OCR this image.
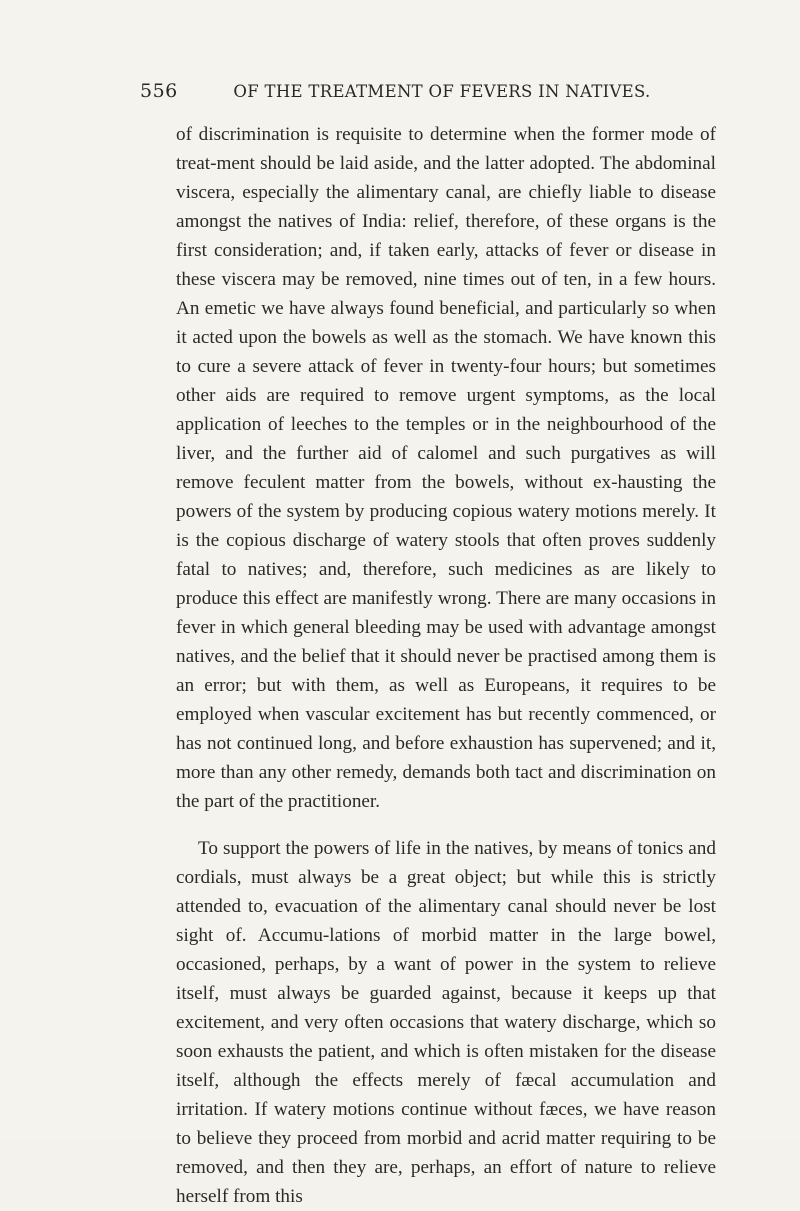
556	OF THE TREATMENT OF FEVERS IN NATIVES.

of discrimination is requisite to determine when the former mode of treat-ment should be laid aside, and the latter adopted. The abdominal viscera, especially the alimentary canal, are chiefly liable to disease amongst the natives of India: relief, therefore, of these organs is the first consideration; and, if taken early, attacks of fever or disease in these viscera may be removed, nine times out of ten, in a few hours. An emetic we have always found beneficial, and particularly so when it acted upon the bowels as well as the stomach. We have known this to cure a severe attack of fever in twenty-four hours; but sometimes other aids are required to remove urgent symptoms, as the local application of leeches to the temples or in the neighbourhood of the liver, and the further aid of calomel and such purgatives as will remove feculent matter from the bowels, without ex-hausting the powers of the system by producing copious watery motions merely. It is the copious discharge of watery stools that often proves suddenly fatal to natives; and, therefore, such medicines as are likely to produce this effect are manifestly wrong. There are many occasions in fever in which general bleeding may be used with advantage amongst natives, and the belief that it should never be practised among them is an error; but with them, as well as Europeans, it requires to be employed when vascular excitement has but recently commenced, or has not continued long, and before exhaustion has supervened; and it, more than any other remedy, demands both tact and discrimination on the part of the practitioner.

To support the powers of life in the natives, by means of tonics and cordials, must always be a great object; but while this is strictly attended to, evacuation of the alimentary canal should never be lost sight of. Accumu-lations of morbid matter in the large bowel, occasioned, perhaps, by a want of power in the system to relieve itself, must always be guarded against, because it keeps up that excitement, and very often occasions that watery discharge, which so soon exhausts the patient, and which is often mistaken for the disease itself, although the effects merely of fæcal accumulation and irritation. If watery motions continue without fæces, we have reason to believe they proceed from morbid and acrid matter requiring to be removed, and then they are, perhaps, an effort of nature to relieve herself from this
